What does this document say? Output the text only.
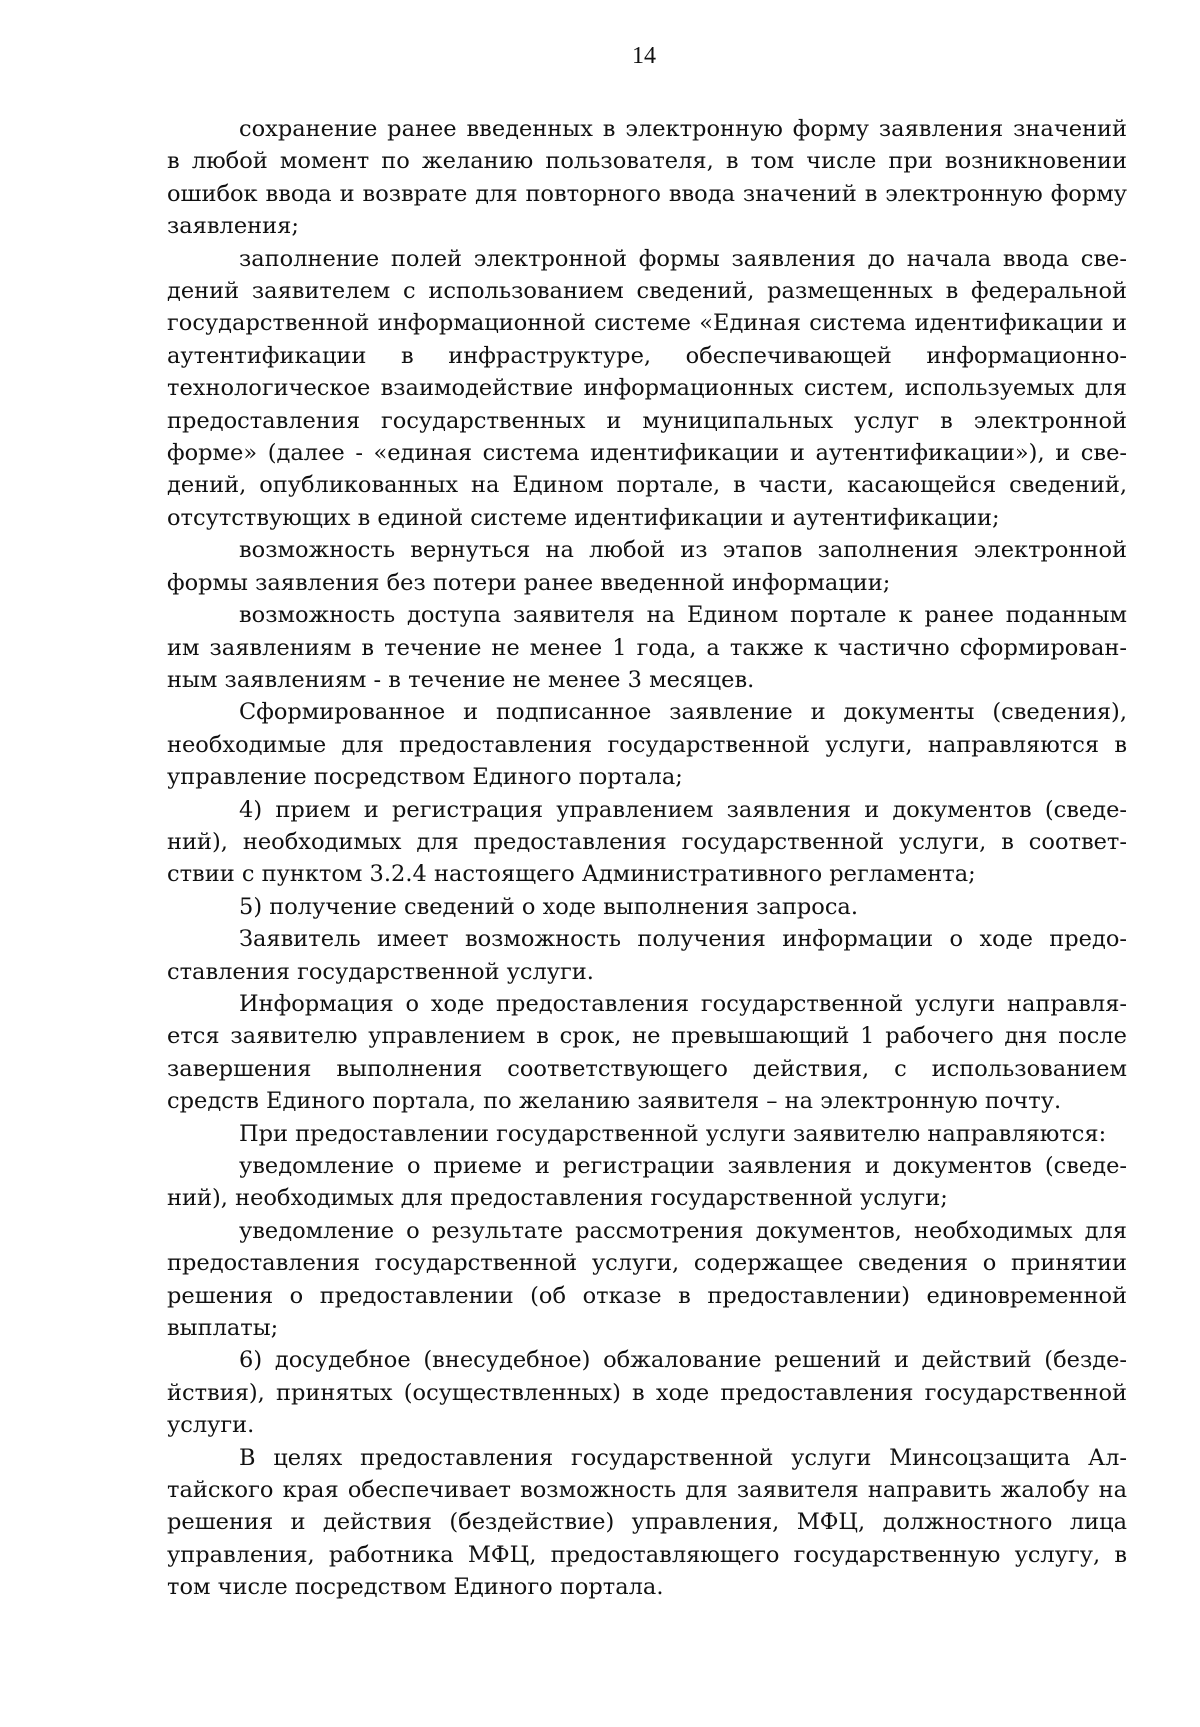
14

сохранение ранее введенных в электронную форму заявления значений в любой момент по желанию пользователя, в том числе при возникновении ошибок ввода и возврате для повторного ввода значений в электронную форму заявления;

заполнение полей электронной формы заявления до начала ввода сведений заявителем с использованием сведений, размещенных в федеральной государственной информационной системе «Единая система идентификации и аутентификации в инфраструктуре, обеспечивающей информационно-технологическое взаимодействие информационных систем, используемых для предоставления государственных и муниципальных услуг в электронной форме» (далее - «единая система идентификации и аутентификации»), и сведений, опубликованных на Едином портале, в части, касающейся сведений, отсутствующих в единой системе идентификации и аутентификации;

возможность вернуться на любой из этапов заполнения электронной формы заявления без потери ранее введенной информации;

возможность доступа заявителя на Едином портале к ранее поданным им заявлениям в течение не менее 1 года, а также к частично сформированным заявлениям - в течение не менее 3 месяцев.

Сформированное и подписанное заявление и документы (сведения), необходимые для предоставления государственной услуги, направляются в управление посредством Единого портала;

4) прием и регистрация управлением заявления и документов (сведений), необходимых для предоставления государственной услуги, в соответствии с пунктом 3.2.4 настоящего Административного регламента;

5) получение сведений о ходе выполнения запроса.

Заявитель имеет возможность получения информации о ходе предоставления государственной услуги.

Информация о ходе предоставления государственной услуги направляется заявителю управлением в срок, не превышающий 1 рабочего дня после завершения выполнения соответствующего действия, с использованием средств Единого портала, по желанию заявителя – на электронную почту.

При предоставлении государственной услуги заявителю направляются:

уведомление о приеме и регистрации заявления и документов (сведений), необходимых для предоставления государственной услуги;

уведомление о результате рассмотрения документов, необходимых для предоставления государственной услуги, содержащее сведения о принятии решения о предоставлении (об отказе в предоставлении) единовременной выплаты;

6) досудебное (внесудебное) обжалование решений и действий (бездействия), принятых (осуществленных) в ходе предоставления государственной услуги.

В целях предоставления государственной услуги Минсоцзащита Алтайского края обеспечивает возможность для заявителя направить жалобу на решения и действия (бездействие) управления, МФЦ, должностного лица управления, работника МФЦ, предоставляющего государственную услугу, в том числе посредством Единого портала.
